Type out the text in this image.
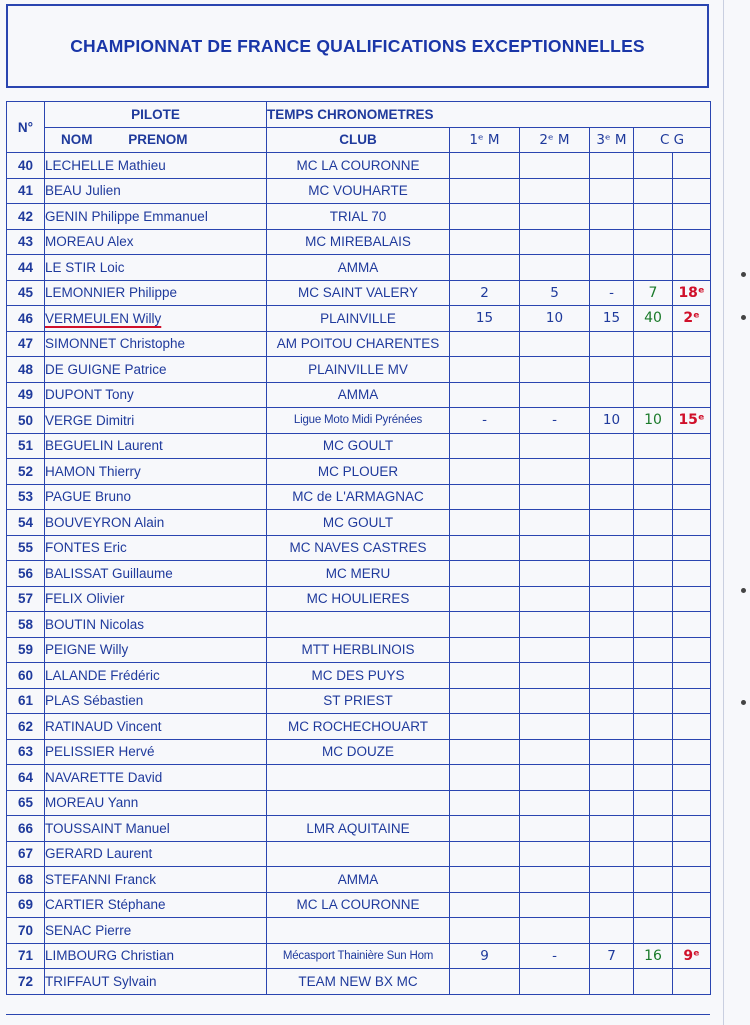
CHAMPIONNAT DE FRANCE QUALIFICATIONS EXCEPTIONNELLES
N°	PILOTE	TEMPS CHRONOMETRES					
	NOM PRENOM	CLUB	1ᵉ M	2ᵉ M	3ᵉ M	C G	
40	LECHELLE Mathieu	MC LA COURONNE					
41	BEAU Julien	MC VOUHARTE					
42	GENIN Philippe Emmanuel	TRIAL 70					
43	MOREAU Alex	MC MIREBALAIS					
44	LE STIR Loic	AMMA					
45	LEMONNIER Philippe	MC SAINT VALERY	2	5	-	7	18ᵉ
46	VERMEULEN Willy	PLAINVILLE	15	10	15	40	2ᵉ
47	SIMONNET Christophe	AM POITOU CHARENTES					
48	DE GUIGNE Patrice	PLAINVILLE MV					
49	DUPONT Tony	AMMA					
50	VERGE Dimitri	Ligue Moto Midi Pyrénées	-	-	10	10	15ᵉ
51	BEGUELIN Laurent	MC GOULT					
52	HAMON Thierry	MC PLOUER					
53	PAGUE Bruno	MC de L'ARMAGNAC					
54	BOUVEYRON Alain	MC GOULT					
55	FONTES Eric	MC NAVES CASTRES					
56	BALISSAT Guillaume	MC MERU					
57	FELIX Olivier	MC HOULIERES					
58	BOUTIN Nicolas						
59	PEIGNE Willy	MTT HERBLINOIS					
60	LALANDE Frédéric	MC DES PUYS					
61	PLAS Sébastien	ST PRIEST					
62	RATINAUD Vincent	MC ROCHECHOUART					
63	PELISSIER Hervé	MC DOUZE					
64	NAVARETTE David						
65	MOREAU Yann						
66	TOUSSAINT Manuel	LMR AQUITAINE					
67	GERARD Laurent						
68	STEFANNI Franck	AMMA					
69	CARTIER Stéphane	MC LA COURONNE					
70	SENAC Pierre						
71	LIMBOURG Christian	Mécasport Thainière Sun Hom	9	-	7	16	9ᵉ
72	TRIFFAUT Sylvain	TEAM NEW BX MC					
